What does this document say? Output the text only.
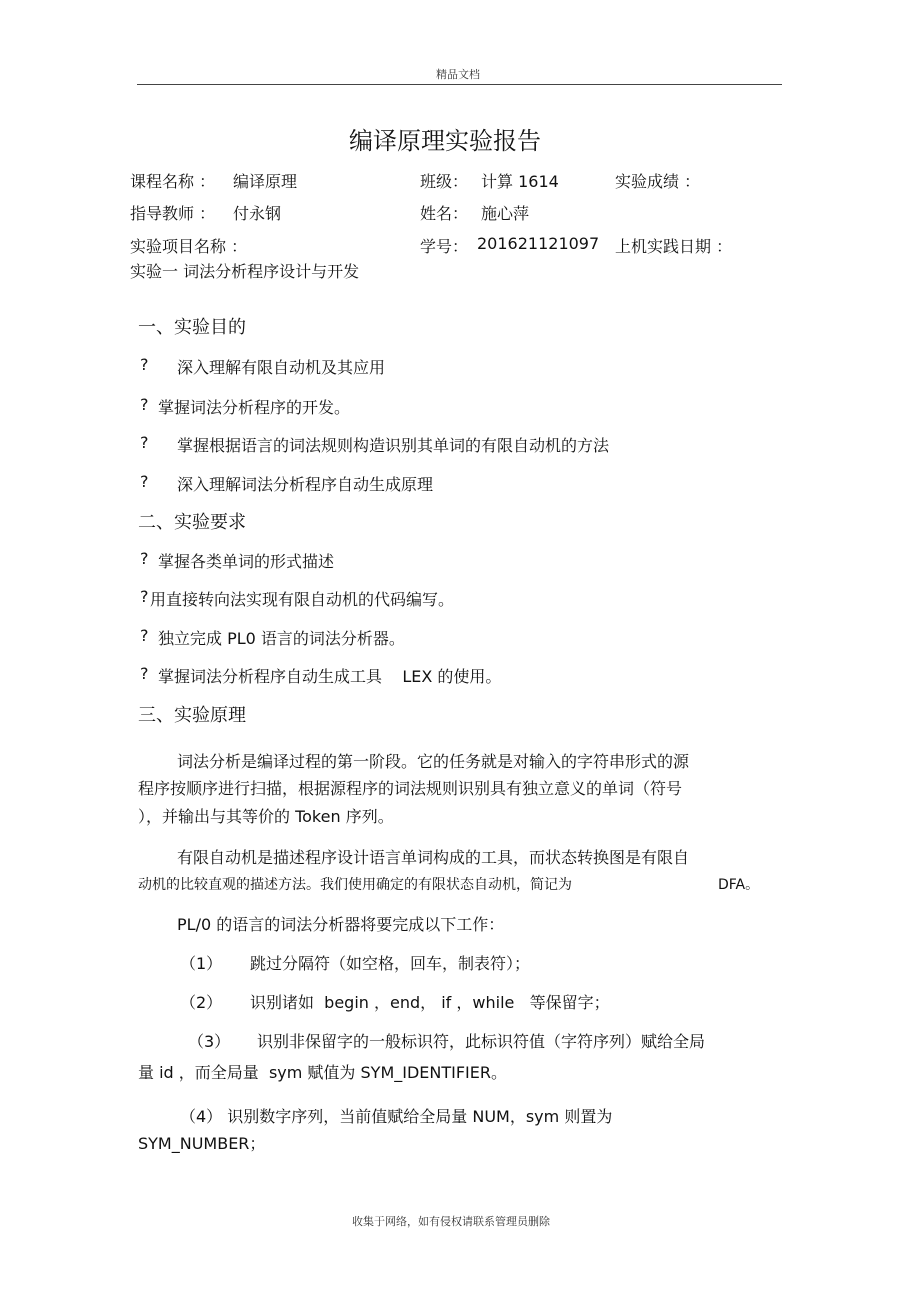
精品文档
收集于网络，如有侵权请联系管理员删除
编译原理实验报告
课程名称 ： 编译原理	班级： 计算 1614	实验成绩 ：
指导教师 ： 付永钢	姓名： 施心萍
实验项目名称 ：	学号： 201621121097 上机实践日期 ：
实验一 词法分析程序设计与开发
一、实验目的
? 深入理解有限自动机及其应用
? 掌握词法分析程序的开发。
? 掌握根据语言的词法规则构造识别其单词的有限自动机的方法
? 深入理解词法分析程序自动生成原理
二、实验要求
? 掌握各类单词的形式描述
? 用直接转向法实现有限自动机的代码编写。
? 独立完成 PL0 语言的词法分析器。
? 掌握词法分析程序自动生成工具    LEX 的使用。
三、实验原理
词法分析是编译过程的第一阶段。它的任务就是对输入的字符串形式的源
程序按顺序进行扫描，根据源程序的词法规则识别具有独立意义的单词（符号
），并输出与其等价的 Token 序列。
有限自动机是描述程序设计语言单词构成的工具，而状态转换图是有限自
动机的比较直观的描述方法。我们使用确定的有限状态自动机，简记为	DFA。
PL/0 的语言的词法分析器将要完成以下工作：
（1） 跳过分隔符（如空格，回车，制表符）；
（2） 识别诸如  begin ，end， if ，while   等保留字；
（3） 识别非保留字的一般标识符，此标识符值（字符序列）赋给全局
量 id ，而全局量  sym 赋值为 SYM_IDENTIFIER。
（4） 识别数字序列，当前值赋给全局量 NUM，sym 则置为
SYM_NUMBER；
